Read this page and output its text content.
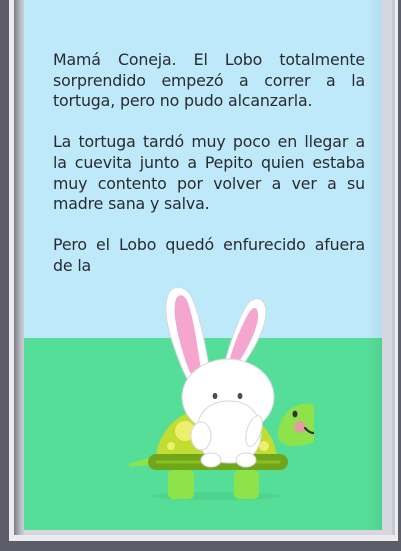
Mamá Coneja. El Lobo totalmente sorprendido empezó a correr a la tortuga, pero no pudo alcanzarla.

La tortuga tardó muy poco en llegar a la cuevita junto a Pepito quien estaba muy contento por volver a ver a su madre sana y salva.

Pero el Lobo quedó enfurecido afuera de la
